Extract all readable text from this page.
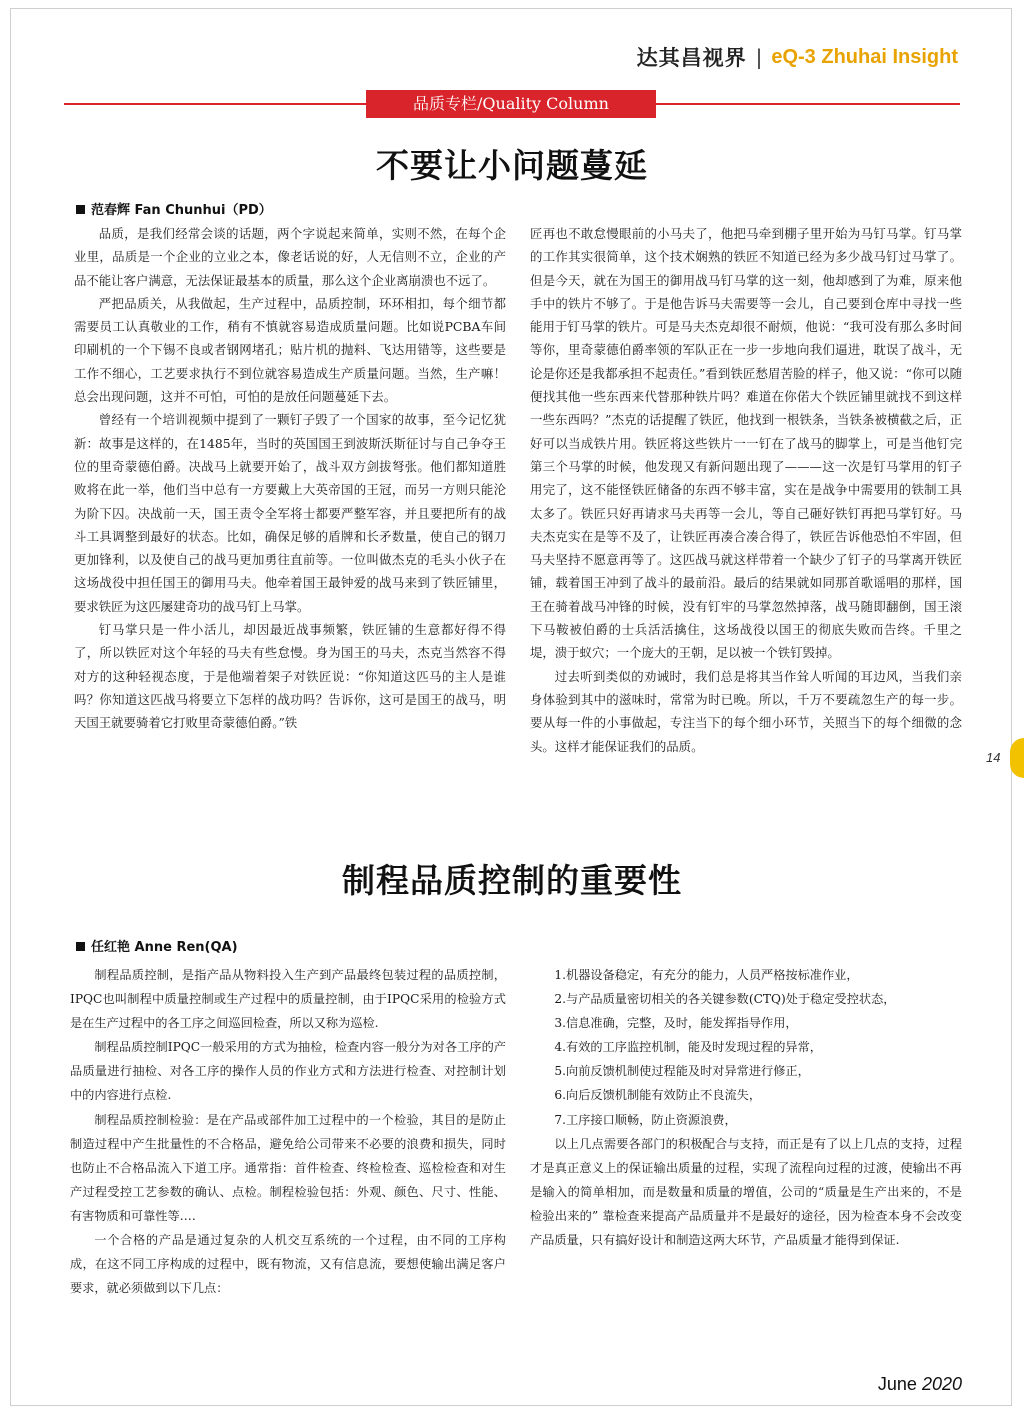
达其昌视界 | eQ-3 Zhuhai Insight
品质专栏/Quality Column
不要让小问题蔓延
范春辉 Fan Chunhui（PD）

品质，是我们经常会谈的话题，两个字说起来简单，实则不然，在每个企业里，品质是一个企业的立业之本，像老话说的好，人无信则不立，企业的产品不能让客户满意，无法保证最基本的质量，那么这个企业离崩溃也不远了。

严把品质关，从我做起，生产过程中，品质控制，环环相扣，每个细节都需要员工认真敬业的工作，稍有不慎就容易造成质量问题。比如说PCBA车间印刷机的一个下锡不良或者钢网堵孔；贴片机的抛料、飞达用错等，这些要是工作不细心，工艺要求执行不到位就容易造成生产质量问题。当然，生产嘛！总会出现问题，这并不可怕，可怕的是放任问题蔓延下去。

曾经有一个培训视频中提到了一颗钉子毁了一个国家的故事，至今记忆犹新：故事是这样的，在1485年，当时的英国国王到波斯沃斯征讨与自己争夺王位的里奇蒙德伯爵。决战马上就要开始了，战斗双方剑拔弩张。他们都知道胜败将在此一举，他们当中总有一方要戴上大英帝国的王冠，而另一方则只能沦为阶下囚。决战前一天，国王责令全军将士都要严整军容，并且要把所有的战斗工具调整到最好的状态。比如，确保足够的盾牌和长矛数量，使自己的钢刀更加锋利，以及使自己的战马更加勇往直前等。一位叫做杰克的毛头小伙子在这场战役中担任国王的御用马夫。他牵着国王最钟爱的战马来到了铁匠铺里，要求铁匠为这匹屡建奇功的战马钉上马掌。

钉马掌只是一件小活儿，却因最近战事频繁，铁匠铺的生意都好得不得了，所以铁匠对这个年轻的马夫有些怠慢。身为国王的马夫，杰克当然容不得对方的这种轻视态度，于是他端着架子对铁匠说：“你知道这匹马的主人是谁吗？你知道这匹战马将要立下怎样的战功吗？告诉你，这可是国王的战马，明天国王就要骑着它打败里奇蒙德伯爵。”铁

匠再也不敢怠慢眼前的小马夫了，他把马牵到棚子里开始为马钉马掌。钉马掌的工作其实很简单，这个技术娴熟的铁匠不知道已经为多少战马钉过马掌了。但是今天，就在为国王的御用战马钉马掌的这一刻，他却感到了为难，原来他手中的铁片不够了。于是他告诉马夫需要等一会儿，自己要到仓库中寻找一些能用于钉马掌的铁片。可是马夫杰克却很不耐烦，他说：“我可没有那么多时间等你，里奇蒙德伯爵率领的军队正在一步一步地向我们逼进，耽误了战斗，无论是你还是我都承担不起责任。”看到铁匠愁眉苦脸的样子，他又说：“你可以随便找其他一些东西来代替那种铁片吗？难道在你偌大个铁匠铺里就找不到这样一些东西吗？”杰克的话提醒了铁匠，他找到一根铁条，当铁条被横截之后，正好可以当成铁片用。铁匠将这些铁片一一钉在了战马的脚掌上，可是当他钉完第三个马掌的时候，他发现又有新问题出现了———这一次是钉马掌用的钉子用完了，这不能怪铁匠储备的东西不够丰富，实在是战争中需要用的铁制工具太多了。铁匠只好再请求马夫再等一会儿，等自己砸好铁钉再把马掌钉好。马夫杰克实在是等不及了，让铁匠再凑合凑合得了，铁匠告诉他恐怕不牢固，但马夫坚持不愿意再等了。这匹战马就这样带着一个缺少了钉子的马掌离开铁匠铺，载着国王冲到了战斗的最前沿。最后的结果就如同那首歌谣唱的那样，国王在骑着战马冲锋的时候，没有钉牢的马掌忽然掉落，战马随即翻倒，国王滚下马鞍被伯爵的士兵活活擒住，这场战役以国王的彻底失败而告终。千里之堤，溃于蚁穴；一个庞大的王朝，足以被一个铁钉毁掉。

过去听到类似的劝诫时，我们总是将其当作耸人听闻的耳边风，当我们亲身体验到其中的滋味时，常常为时已晚。所以，千万不要疏忽生产的每一步。要从每一件的小事做起，专注当下的每个细小环节，关照当下的每个细微的念头。这样才能保证我们的品质。

制程品质控制的重要性
任红艳 Anne Ren(QA)

制程品质控制，是指产品从物料投入生产到产品最终包装过程的品质控制，IPQC也叫制程中质量控制或生产过程中的质量控制，由于IPQC采用的检验方式是在生产过程中的各工序之间巡回检查，所以又称为巡检.

制程品质控制IPQC一般采用的方式为抽检，检查内容一般分为对各工序的产品质量进行抽检、对各工序的操作人员的作业方式和方法进行检查、对控制计划中的内容进行点检.

制程品质控制检验：是在产品或部件加工过程中的一个检验，其目的是防止制造过程中产生批量性的不合格品，避免给公司带来不必要的浪费和损失，同时也防止不合格品流入下道工序。通常指：首件检查、终检检查、巡检检查和对生产过程受控工艺参数的确认、点检。制程检验包括：外观、颜色、尺寸、性能、有害物质和可靠性等….

一个合格的产品是通过复杂的人机交互系统的一个过程，由不同的工序构成，在这不同工序构成的过程中，既有物流，又有信息流，要想使输出满足客户要求，就必须做到以下几点：

1.机器设备稳定，有充分的能力，人员严格按标准作业，

2.与产品质量密切相关的各关键参数(CTQ)处于稳定受控状态，

3.信息准确，完整，及时，能发挥指导作用，

4.有效的工序监控机制，能及时发现过程的异常，

5.向前反馈机制使过程能及时对异常进行修正，

6.向后反馈机制能有效防止不良流失，

7.工序接口顺畅，防止资源浪费，

以上几点需要各部门的积极配合与支持，而正是有了以上几点的支持，过程才是真正意义上的保证输出质量的过程，实现了流程向过程的过渡，使输出不再是输入的简单相加，而是数量和质量的增值，公司的“质量是生产出来的，不是检验出来的” 靠检查来提高产品质量并不是最好的途径，因为检查本身不会改变产品质量，只有搞好设计和制造这两大环节，产品质量才能得到保证.

14
June 2020
